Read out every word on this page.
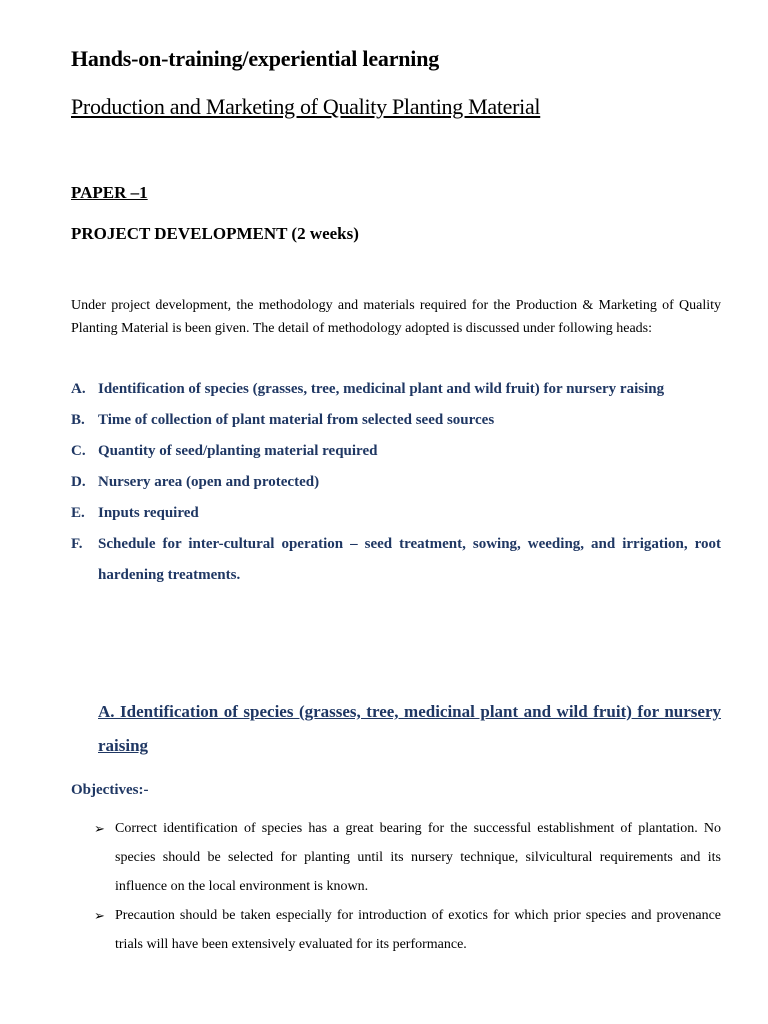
Hands-on-training/experiential learning
Production and Marketing of Quality Planting Material
PAPER –1
PROJECT DEVELOPMENT (2 weeks)

Under project development, the methodology and materials required for the Production & Marketing of Quality Planting Material is been given. The detail of methodology adopted is discussed under following heads:

A. Identification of species (grasses, tree, medicinal plant and wild fruit) for nursery raising
B. Time of collection of plant material from selected seed sources
C. Quantity of seed/planting material required
D. Nursery area (open and protected)
E. Inputs required
F. Schedule for inter-cultural operation – seed treatment, sowing, weeding, and irrigation, root hardening treatments.
A. Identification of species (grasses, tree, medicinal plant and wild fruit) for nursery raising
Objectives:-
➢ Correct identification of species has a great bearing for the successful establishment of plantation. No species should be selected for planting until its nursery technique, silvicultural requirements and its influence on the local environment is known.
➢ Precaution should be taken especially for introduction of exotics for which prior species and provenance trials will have been extensively evaluated for its performance.
